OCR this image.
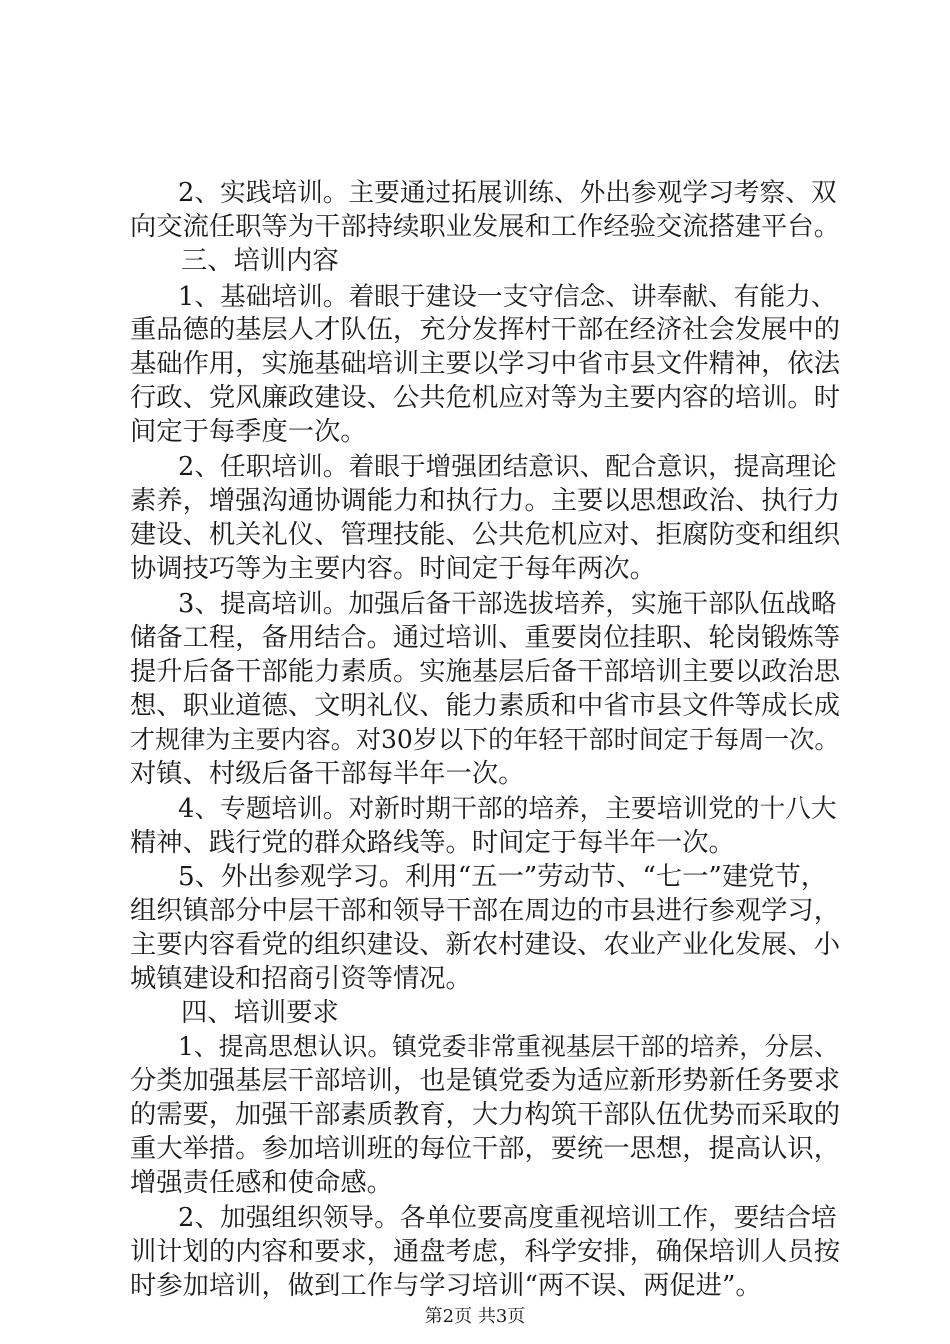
2、实践培训。主要通过拓展训练、外出参观学习考察、双
向交流任职等为干部持续职业发展和工作经验交流搭建平台。
三、培训内容
1、基础培训。着眼于建设一支守信念、讲奉献、有能力、
重品德的基层人才队伍，充分发挥村干部在经济社会发展中的
基础作用，实施基础培训主要以学习中省市县文件精神，依法
行政、党风廉政建设、公共危机应对等为主要内容的培训。时
间定于每季度一次。
2、任职培训。着眼于增强团结意识、配合意识，提高理论
素养，增强沟通协调能力和执行力。主要以思想政治、执行力
建设、机关礼仪、管理技能、公共危机应对、拒腐防变和组织
协调技巧等为主要内容。时间定于每年两次。
3、提高培训。加强后备干部选拔培养，实施干部队伍战略
储备工程，备用结合。通过培训、重要岗位挂职、轮岗锻炼等
提升后备干部能力素质。实施基层后备干部培训主要以政治思
想、职业道德、文明礼仪、能力素质和中省市县文件等成长成
才规律为主要内容。对30岁以下的年轻干部时间定于每周一次。
对镇、村级后备干部每半年一次。
4、专题培训。对新时期干部的培养，主要培训党的十八大
精神、践行党的群众路线等。时间定于每半年一次。
5、外出参观学习。利用“五一”劳动节、“七一”建党节，
组织镇部分中层干部和领导干部在周边的市县进行参观学习，
主要内容看党的组织建设、新农村建设、农业产业化发展、小
城镇建设和招商引资等情况。
四、培训要求
1、提高思想认识。镇党委非常重视基层干部的培养，分层、
分类加强基层干部培训，也是镇党委为适应新形势新任务要求
的需要，加强干部素质教育，大力构筑干部队伍优势而采取的
重大举措。参加培训班的每位干部，要统一思想，提高认识，
增强责任感和使命感。
2、加强组织领导。各单位要高度重视培训工作，要结合培
训计划的内容和要求，通盘考虑，科学安排，确保培训人员按
时参加培训，做到工作与学习培训“两不误、两促进”。
第2页 共3页
